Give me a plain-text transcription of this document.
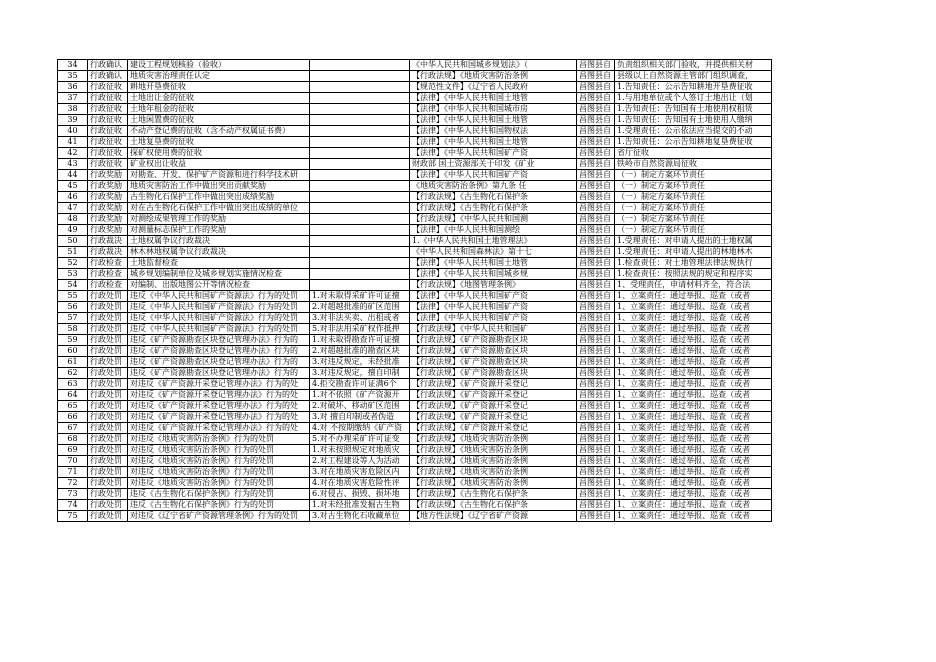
34	行政确认	建设工程规划核验（验收）		《中华人民共和国城乡规划法》（	昌图县自	负责组织相关部门验收，并提供相关材
35	行政确认	地质灾害治理责任认定		【行政法规】《地质灾害防治条例	昌图县自	县级以上自然资源主管部门组织调查，
36	行政征收	耕地开垦费征收		【规范性文件】《辽宁省人民政府	昌图县自	1.告知责任：公示告知耕地开垦费征收
37	行政征收	土地出让金的征收		【法律】《中华人民共和国土地管	昌图县自	1.与用地单位或个人签订土地出让（划
38	行政征收	土地年租金的征收		【法律】《中华人民共和国城市房	昌图县自	1.告知责任：告知国有土地使用权租赁
39	行政征收	土地闲置费的征收		【法律】《中华人民共和国土地管	昌图县自	1.告知责任：告知国有土地使用人缴纳
40	行政征收	不动产登记费的征收（含不动产权属证书费）		【法律】《中华人民共和国物权法	昌图县自	1.受理责任：公示依法应当提交的不动
41	行政征收	土地复垦费的征收		【法律】《中华人民共和国土地管	昌图县自	1.告知责任：公示告知耕地复垦费征收
42	行政征收	探矿权使用费的征收		【法律】《中华人民共和国矿产资	昌图县自	省厅征收
43	行政征收	矿业权出让收益		财政部 国土资源部关于印发《矿业	昌图县自	铁岭市自然资源局征收
44	行政奖励	对勘查、开发、保护矿产资源和进行科学技术研		【法律】《中华人民共和国矿产资	昌图县自	（一）制定方案环节责任
45	行政奖励	地质灾害防治工作中做出突出贡献奖励		《地质灾害防治条例》第九条 任	昌图县自	（一）制定方案环节责任
46	行政奖励	古生物化石保护工作中做出突出成绩奖励		【行政法规】《古生物化石保护条	昌图县自	（一）制定方案环节责任
47	行政奖励	对在古生物化石保护工作中做出突出成绩的单位		【行政法规】《古生物化石保护条	昌图县自	（一）制定方案环节责任
48	行政奖励	对测绘成果管理工作的奖励		【行政法规】《中华人民共和国测	昌图县自	（一）制定方案环节责任
49	行政奖励	对测量标志保护工作的奖励		【法律】《中华人民共和国测绘	昌图县自	（一）制定方案环节责任
50	行政裁决	土地权属争议行政裁决		1.《中华人民共和国土地管理法》	昌图县自	1.受理责任：对申请人提出的土地权属
51	行政裁决	林木林地权属争议行政裁决		《中华人民共和国森林法》第十七	昌图县自	1.受理责任：对申请人提出的林地林木
52	行政检查	土地监督检查		【法律】《中华人民共和国土地管	昌图县自	1.检查责任：对土地管理法律法规执行
53	行政检查	城乡规划编制单位及城乡规划实施情况检查		【法律】《中华人民共和国城乡规	昌图县自	1.检查责任：按照法规的规定和程序实
54	行政检查	对编制、出版地图公开等情况检查		【行政法规】《地图管理条例》	昌图县自	1、受理责任，申请材料齐全，符合法
55	行政处罚	违反《中华人民共和国矿产资源法》行为的处罚	1.对未取得采矿许可证擅	【法律】《中华人民共和国矿产资	昌图县自	1、立案责任：通过举报、巡查（或者
56	行政处罚	违反《中华人民共和国矿产资源法》行为的处罚	2.对超越批准的矿区范围	【法律】《中华人民共和国矿产资	昌图县自	1、立案责任：通过举报、巡查（或者
57	行政处罚	违反《中华人民共和国矿产资源法》行为的处罚	3.对非法买卖、出租或者	【法律】《中华人民共和国矿产资	昌图县自	1、立案责任：通过举报、巡查（或者
58	行政处罚	违反《中华人民共和国矿产资源法》行为的处罚	5.对非法用采矿权作抵押	【行政法规】《中华人民共和国矿	昌图县自	1、立案责任：通过举报、巡查（或者
59	行政处罚	违反《矿产资源勘查区块登记管理办法》行为的	1.对未取得勘查许可证擅	【行政法规】《矿产资源勘查区块	昌图县自	1、立案责任：通过举报、巡查（或者
60	行政处罚	违反《矿产资源勘查区块登记管理办法》行为的	2.对超越批准的勘查区块	【行政法规】《矿产资源勘查区块	昌图县自	1、立案责任：通过举报、巡查（或者
61	行政处罚	违反《矿产资源勘查区块登记管理办法》行为的	3.对违反规定，未经批准	【行政法规】《矿产资源勘查区块	昌图县自	1、立案责任：通过举报、巡查（或者
62	行政处罚	违反《矿产资源勘查区块登记管理办法》行为的	3.对违反规定，擅自印制	【行政法规】《矿产资源勘查区块	昌图县自	1、立案责任：通过举报、巡查（或者
63	行政处罚	对违反《矿产资源开采登记管理办法》行为的处	4.拒交勘查许可证满6个	【行政法规】《矿产资源开采登记	昌图县自	1、立案责任：通过举报、巡查（或者
64	行政处罚	对违反《矿产资源开采登记管理办法》行为的处	1.对不依照《矿产资源开	【行政法规】《矿产资源开采登记	昌图县自	1、立案责任：通过举报、巡查（或者
65	行政处罚	对违反《矿产资源开采登记管理办法》行为的处	2.对破坏、移动矿区范围	【行政法规】《矿产资源开采登记	昌图县自	1、立案责任：通过举报、巡查（或者
66	行政处罚	对违反《矿产资源开采登记管理办法》行为的处	3.对 擅自印制或者伪造	【行政法规】《矿产资源开采登记	昌图县自	1、立案责任：通过举报、巡查（或者
67	行政处罚	对违反《矿产资源开采登记管理办法》行为的处	4.对 不按期缴纳《矿产资	【行政法规】《矿产资源开采登记	昌图县自	1、立案责任：通过举报、巡查（或者
68	行政处罚	对违反《地质灾害防治条例》行为的处罚	5.对不办理采矿许可证变	【行政法规】《地质灾害防治条例	昌图县自	1、立案责任：通过举报、巡查（或者
69	行政处罚	对违反《地质灾害防治条例》行为的处罚	1.对未按照规定对地质灾	【行政法规】《地质灾害防治条例	昌图县自	1、立案责任：通过举报、巡查（或者
70	行政处罚	对违反《地质灾害防治条例》行为的处罚	2.对工程建设等人为活动	【行政法规】《地质灾害防治条例	昌图县自	1、立案责任：通过举报、巡查（或者
71	行政处罚	对违反《地质灾害防治条例》行为的处罚	3.对在地质灾害危险区内	【行政法规】《地质灾害防治条例	昌图县自	1、立案责任：通过举报、巡查（或者
72	行政处罚	对违反《地质灾害防治条例》行为的处罚	4.对在地质灾害危险性评	【行政法规】《地质灾害防治条例	昌图县自	1、立案责任：通过举报、巡查（或者
73	行政处罚	违反《古生物化石保护条例》行为的处罚	6.对侵占、损毁、损坏地	【行政法规】《古生物化石保护条	昌图县自	1、立案责任：通过举报、巡查（或者
74	行政处罚	违反《古生物化石保护条例》行为的处罚	1.对未经批准发掘古生物	【行政法规】《古生物化石保护条	昌图县自	1、立案责任：通过举报、巡查（或者
75	行政处罚	对违反《辽宁省矿产资源管理条例》行为的处罚	3.对古生物化石收藏单位	【地方性法规】《辽宁省矿产资源	昌图县自	1、立案责任：通过举报、巡查（或者
